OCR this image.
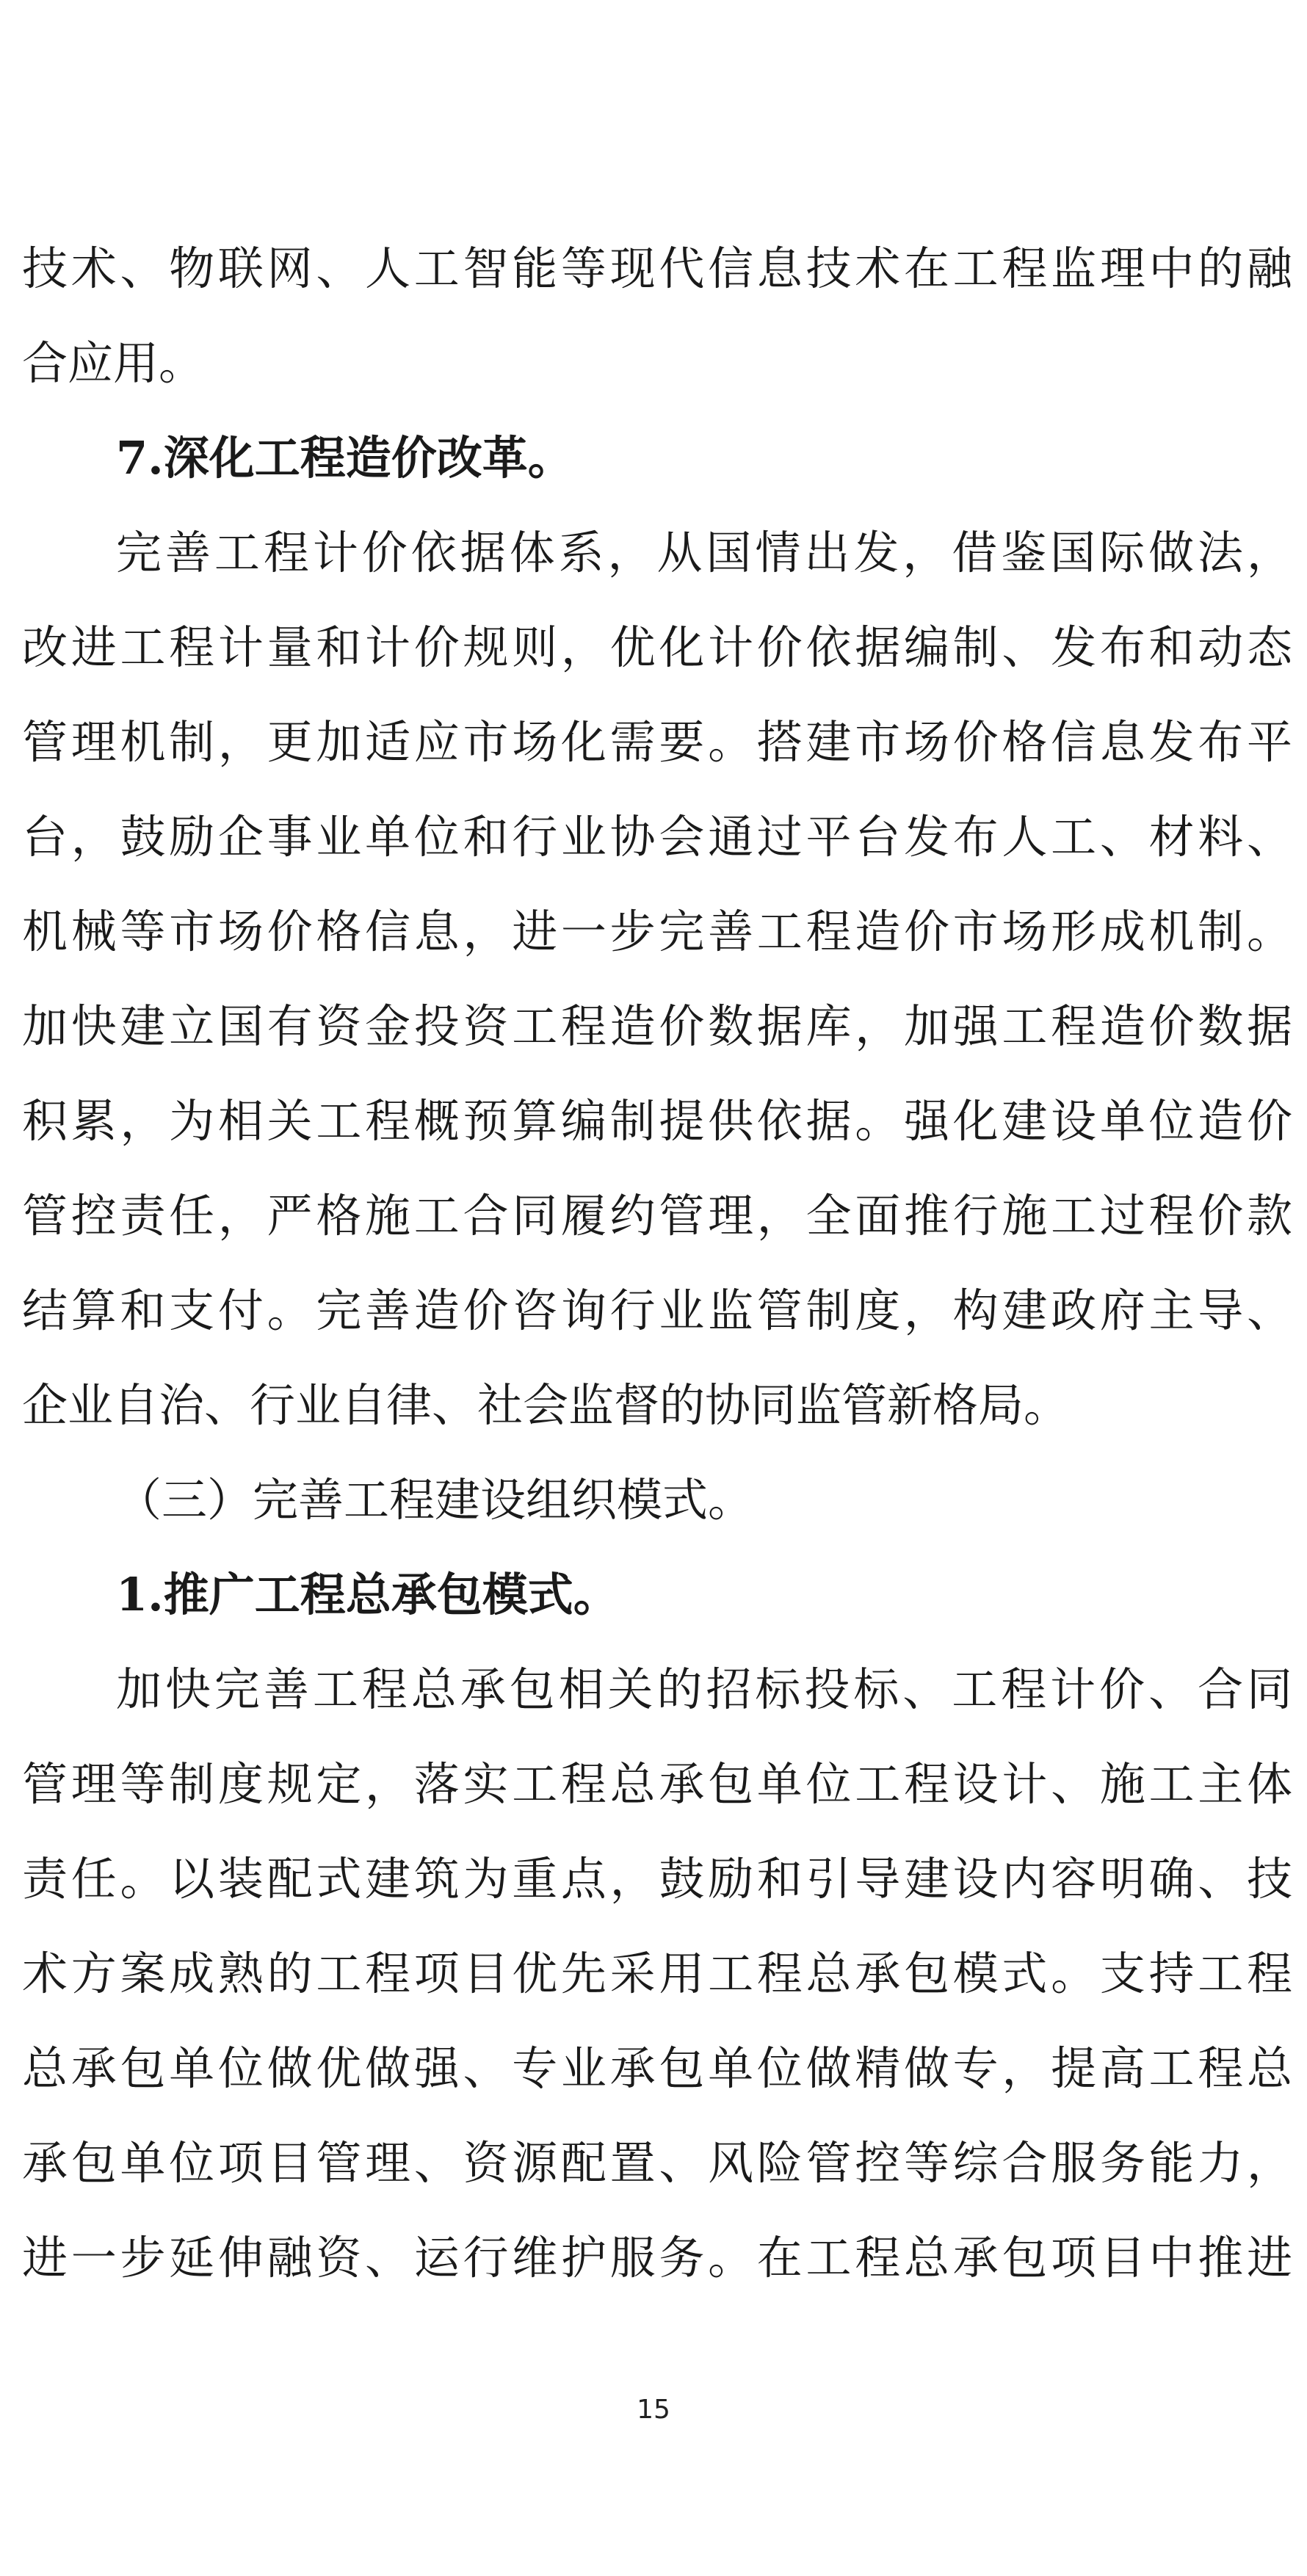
技术、物联网、人工智能等现代信息技术在工程监理中的融
合应用。
7.深化工程造价改革。
完善工程计价依据体系，从国情出发，借鉴国际做法，
改进工程计量和计价规则，优化计价依据编制、发布和动态
管理机制，更加适应市场化需要。搭建市场价格信息发布平
台，鼓励企事业单位和行业协会通过平台发布人工、材料、
机械等市场价格信息，进一步完善工程造价市场形成机制。
加快建立国有资金投资工程造价数据库，加强工程造价数据
积累，为相关工程概预算编制提供依据。强化建设单位造价
管控责任，严格施工合同履约管理，全面推行施工过程价款
结算和支付。完善造价咨询行业监管制度，构建政府主导、
企业自治、行业自律、社会监督的协同监管新格局。
（三）完善工程建设组织模式。
1.推广工程总承包模式。
加快完善工程总承包相关的招标投标、工程计价、合同
管理等制度规定，落实工程总承包单位工程设计、施工主体
责任。以装配式建筑为重点，鼓励和引导建设内容明确、技
术方案成熟的工程项目优先采用工程总承包模式。支持工程
总承包单位做优做强、专业承包单位做精做专，提高工程总
承包单位项目管理、资源配置、风险管控等综合服务能力，
进一步延伸融资、运行维护服务。在工程总承包项目中推进
15
